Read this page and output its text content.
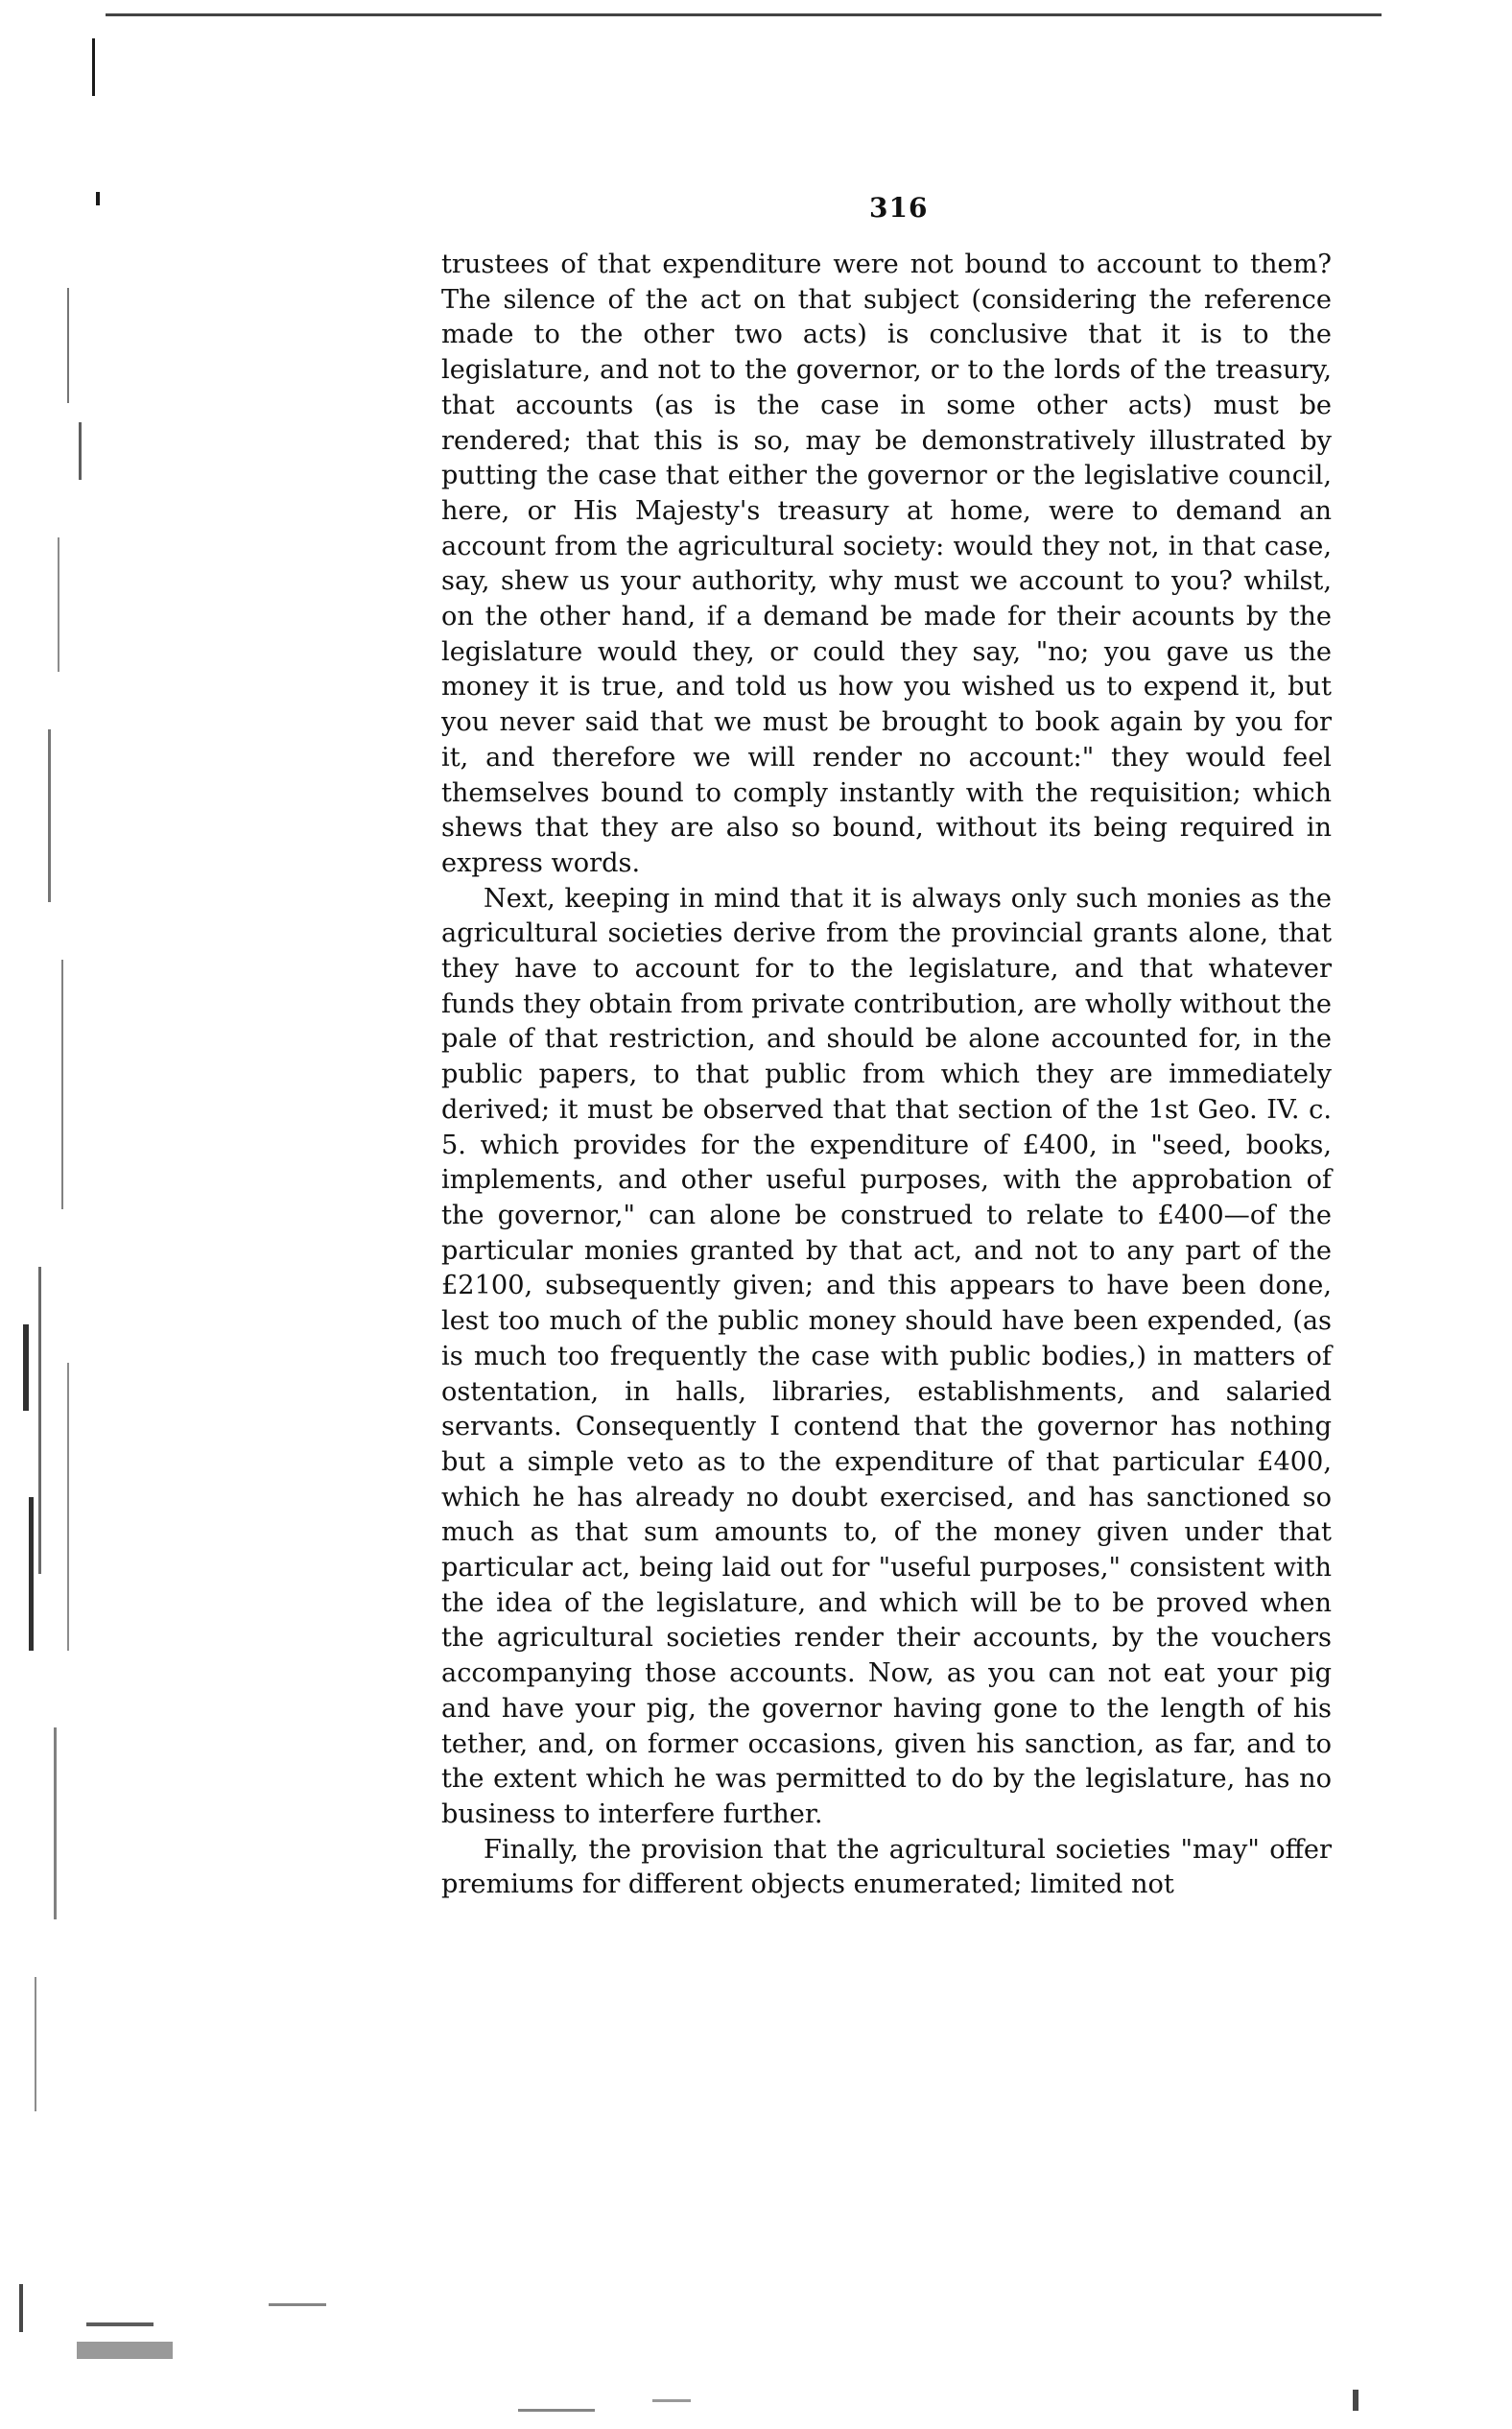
316

trustees of that expenditure were not bound to account to them? The silence of the act on that subject (considering the reference made to the other two acts) is conclusive that it is to the legislature, and not to the governor, or to the lords of the treasury, that accounts (as is the case in some other acts) must be rendered; that this is so, may be demonstratively illustrated by putting the case that either the governor or the legislative council, here, or His Majesty's treasury at home, were to demand an account from the agricultural society: would they not, in that case, say, shew us your authority, why must we account to you? whilst, on the other hand, if a demand be made for their acounts by the legislature would they, or could they say, "no; you gave us the money it is true, and told us how you wished us to expend it, but you never said that we must be brought to book again by you for it, and therefore we will render no account:" they would feel themselves bound to comply instantly with the requisition; which shews that they are also so bound, without its being required in express words.

Next, keeping in mind that it is always only such monies as the agricultural societies derive from the provincial grants alone, that they have to account for to the legislature, and that whatever funds they obtain from private contribution, are wholly without the pale of that restriction, and should be alone accounted for, in the public papers, to that public from which they are immediately derived; it must be observed that that section of the 1st Geo. IV. c. 5. which provides for the expenditure of £400, in "seed, books, implements, and other useful purposes, with the approbation of the governor," can alone be construed to relate to £400—of the particular monies granted by that act, and not to any part of the £2100, subsequently given; and this appears to have been done, lest too much of the public money should have been expended, (as is much too frequently the case with public bodies,) in matters of ostentation, in halls, libraries, establishments, and salaried servants. Consequently I contend that the governor has nothing but a simple veto as to the expenditure of that particular £400, which he has already no doubt exercised, and has sanctioned so much as that sum amounts to, of the money given under that particular act, being laid out for "useful purposes," consistent with the idea of the legislature, and which will be to be proved when the agricultural societies render their accounts, by the vouchers accompanying those accounts. Now, as you can not eat your pig and have your pig, the governor having gone to the length of his tether, and, on former occasions, given his sanction, as far, and to the extent which he was permitted to do by the legislature, has no business to interfere further.

Finally, the provision that the agricultural societies "may" offer premiums for different objects enumerated; limited not
